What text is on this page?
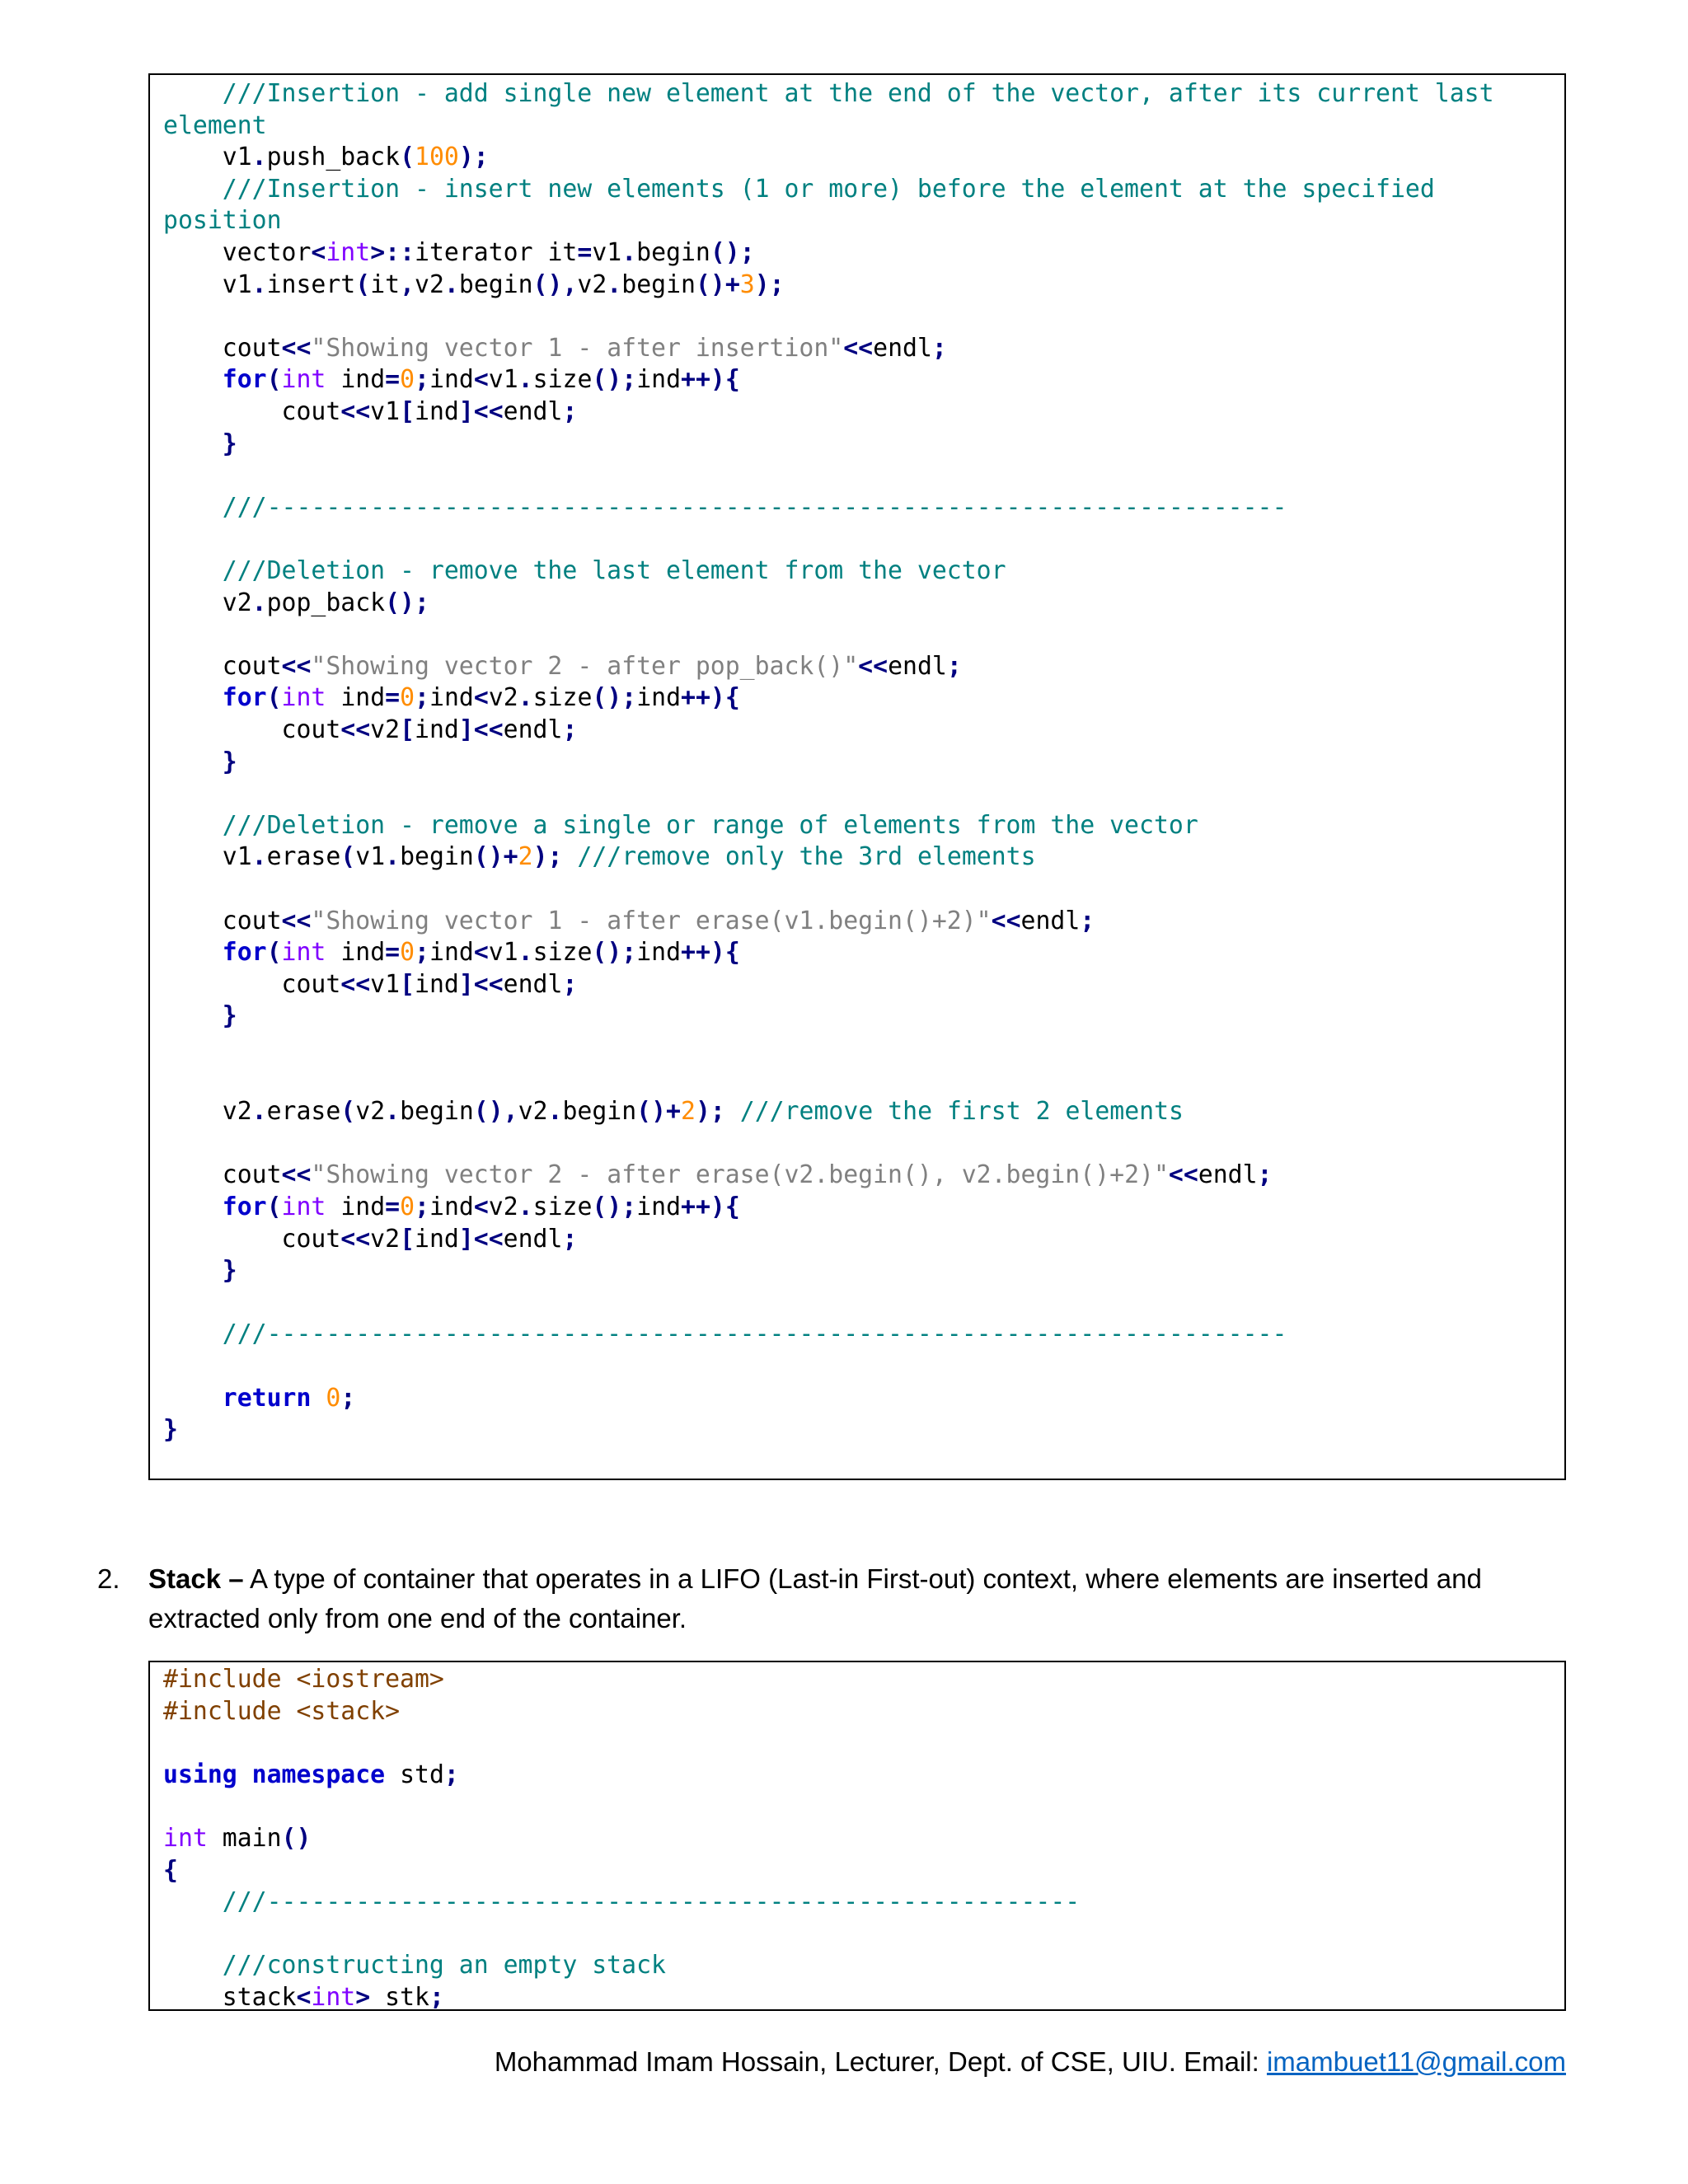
///Insertion - add single new element at the end of the vector, after its current last
element
v1.push_back(100);
///Insertion - insert new elements (1 or more) before the element at the specified
position
vector<int>::iterator it=v1.begin();
v1.insert(it,v2.begin(),v2.begin()+3);

cout<<"Showing vector 1 - after insertion"<<endl;
for(int ind=0;ind<v1.size();ind++){
cout<<v1[ind]<<endl;
}

///---------------------------------------------------------------------

///Deletion - remove the last element from the vector
v2.pop_back();

cout<<"Showing vector 2 - after pop_back()"<<endl;
for(int ind=0;ind<v2.size();ind++){
cout<<v2[ind]<<endl;
}

///Deletion - remove a single or range of elements from the vector
v1.erase(v1.begin()+2); ///remove only the 3rd elements

cout<<"Showing vector 1 - after erase(v1.begin()+2)"<<endl;
for(int ind=0;ind<v1.size();ind++){
cout<<v1[ind]<<endl;
}

v2.erase(v2.begin(),v2.begin()+2); ///remove the first 2 elements

cout<<"Showing vector 2 - after erase(v2.begin(), v2.begin()+2)"<<endl;
for(int ind=0;ind<v2.size();ind++){
cout<<v2[ind]<<endl;
}

///---------------------------------------------------------------------

return 0;
}
2. Stack – A type of container that operates in a LIFO (Last-in First-out) context, where elements are inserted and
extracted only from one end of the container.
#include <iostream>
#include <stack>

using namespace std;

int main()
{
///-------------------------------------------------------

///constructing an empty stack
stack<int> stk;
Mohammad Imam Hossain, Lecturer, Dept. of CSE, UIU. Email: imambuet11@gmail.com
